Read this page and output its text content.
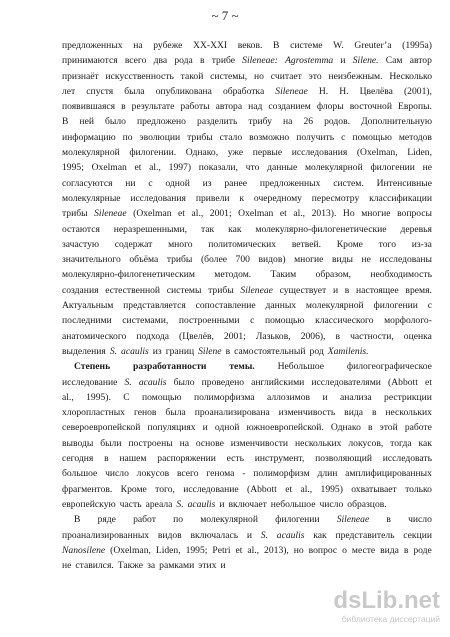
~ 7 ~
предложенных на рубеже XX-XXI веков. В системе W. Greuter’a (1995a)
принимаются всего два рода в трибе Sileneae: Agrostemma и Silene. Сам автор
признаёт искусственность такой системы, но считает это неизбежным. Несколько
лет спустя была опубликована обработка Sileneae Н. Н. Цвелёва (2001),
появившаяся в результате работы автора над созданием флоры восточной Европы.
В ней было предложено разделить трибу на 26 родов. Дополнительную
информацию по эволюции трибы стало возможно получить с помощью методов
молекулярной филогении. Однако, уже первые исследования (Oxelman, Liden,
1995; Oxelman et al., 1997) показали, что данные молекулярной филогении не
согласуются ни с одной из ранее предложенных систем. Интенсивные
молекулярные исследования привели к очередному пересмотру классификации
трибы Sileneae (Oxelman et al., 2001; Oxelman et al., 2013). Но многие вопросы
остаются неразрешенными, так как молекулярно-филогенетические деревья
зачастую содержат много политомических ветвей. Кроме того из-за
значительного объёма трибы (более 700 видов) многие виды не исследованы
молекулярно-филогенетическим методом. Таким образом, необходимость
создания естественной системы трибы Sileneae существует и в настоящее время.
Актуальным представляется сопоставление данных молекулярной филогении с
последними системами, построенными с помощью классического морфолого-
анатомического подхода (Цвелёв, 2001; Лазьков, 2006), в частности, оценка
выделения S. acaulis из границ Silene в самостоятельный род Xamilenis.
Степень разработанности темы. Небольшое филогеографическое
исследование S. acaulis было проведено английскими исследователями (Abbott et
al., 1995). С помощью полиморфизма аллозимов и анализа рестрикции
хлоропластных генов была проанализирована изменчивость вида в нескольких
североевропейской популяциях и одной южноевропейской. Однако в этой работе
выводы были построены на основе изменчивости нескольких локусов, тогда как
сегодня в нашем распоряжении есть инструмент, позволяющий исследовать
большое число локусов всего генома - полиморфизм длин амплифицированных
фрагментов. Кроме того, исследование (Abbott et al., 1995) охватывает только
европейскую часть ареала S. acaulis и включает небольшое число образцов.
В ряде работ по молекулярной филогении Sileneae в число
проанализированных видов включалась и S. acaulis как представитель секции
Nanosilene (Oxelman, Liden, 1995; Petri et al., 2013), но вопрос о месте вида в роде
не ставился. Также за рамками этих и
dsLib.net
библиотека диссертаций
